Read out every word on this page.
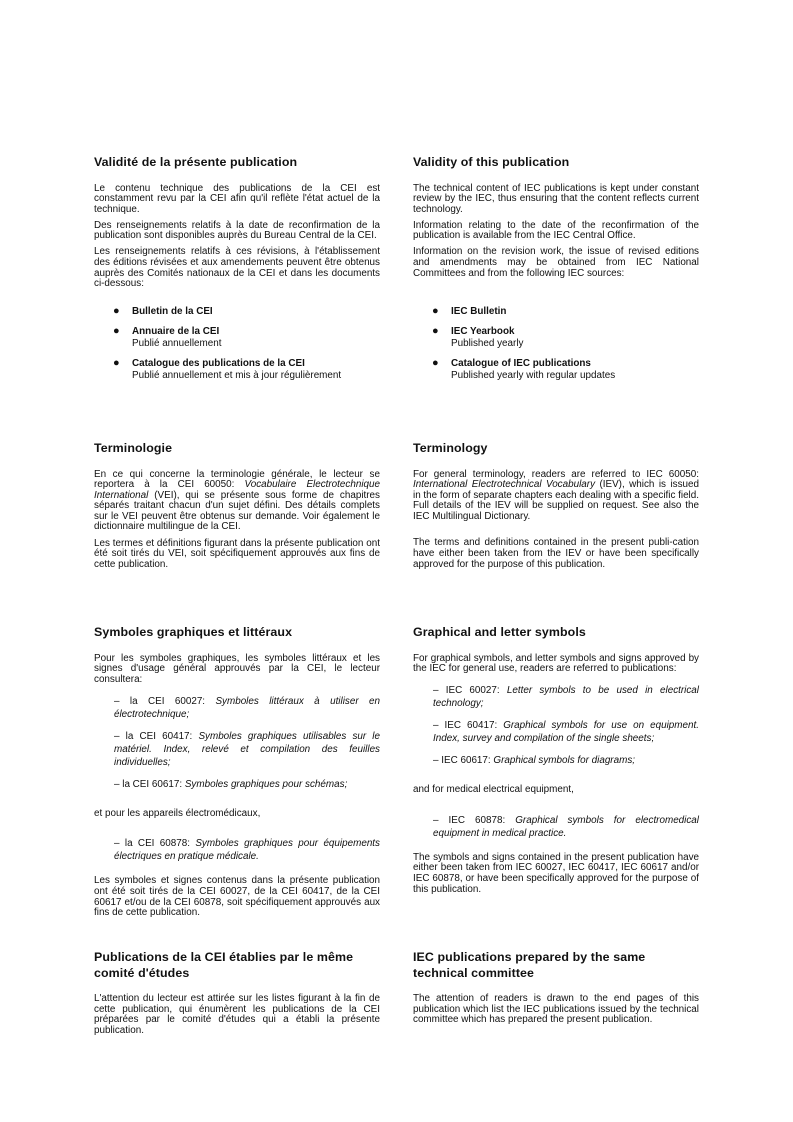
Validité de la présente publication

Le contenu technique des publications de la CEI est constamment revu par la CEI afin qu'il reflète l'état actuel de la technique.

Des renseignements relatifs à la date de reconfirmation de la publication sont disponibles auprès du Bureau Central de la CEI.

Les renseignements relatifs à ces révisions, à l'établissement des éditions révisées et aux amendements peuvent être obtenus auprès des Comités nationaux de la CEI et dans les documents ci-dessous:

● Bulletin de la CEI
● Annuaire de la CEI
Publié annuellement
● Catalogue des publications de la CEI
Publié annuellement et mis à jour régulièrement
Terminologie

En ce qui concerne la terminologie générale, le lecteur se reportera à la CEI 60050: Vocabulaire Electrotechnique International (VEI), qui se présente sous forme de chapitres séparés traitant chacun d'un sujet défini. Des détails complets sur le VEI peuvent être obtenus sur demande. Voir également le dictionnaire multilingue de la CEI.

Les termes et définitions figurant dans la présente publication ont été soit tirés du VEI, soit spécifiquement approuvés aux fins de cette publication.

Symboles graphiques et littéraux

Pour les symboles graphiques, les symboles littéraux et les signes d'usage général approuvés par la CEI, le lecteur consultera:

– la CEI 60027: Symboles littéraux à utiliser en électrotechnique;
– la CEI 60417: Symboles graphiques utilisables sur le matériel. Index, relevé et compilation des feuilles individuelles;
– la CEI 60617: Symboles graphiques pour schémas;

et pour les appareils électromédicaux,

– la CEI 60878: Symboles graphiques pour équipements électriques en pratique médicale.

Les symboles et signes contenus dans la présente publication ont été soit tirés de la CEI 60027, de la CEI 60417, de la CEI 60617 et/ou de la CEI 60878, soit spécifiquement approuvés aux fins de cette publication.

Publications de la CEI établies par le même comité d'études

L'attention du lecteur est attirée sur les listes figurant à la fin de cette publication, qui énumèrent les publications de la CEI préparées par le comité d'études qui a établi la présente publication.

Validity of this publication

The technical content of IEC publications is kept under constant review by the IEC, thus ensuring that the content reflects current technology.

Information relating to the date of the reconfirmation of the publication is available from the IEC Central Office.

Information on the revision work, the issue of revised editions and amendments may be obtained from IEC National Committees and from the following IEC sources:

● IEC Bulletin
● IEC Yearbook
Published yearly
● Catalogue of IEC publications
Published yearly with regular updates
Terminology

For general terminology, readers are referred to IEC 60050: International Electrotechnical Vocabulary (IEV), which is issued in the form of separate chapters each dealing with a specific field. Full details of the IEV will be supplied on request. See also the IEC Multilingual Dictionary.

The terms and definitions contained in the present publi-cation have either been taken from the IEV or have been specifically approved for the purpose of this publication.

Graphical and letter symbols

For graphical symbols, and letter symbols and signs approved by the IEC for general use, readers are referred to publications:

– IEC 60027: Letter symbols to be used in electrical technology;
– IEC 60417: Graphical symbols for use on equipment. Index, survey and compilation of the single sheets;
– IEC 60617: Graphical symbols for diagrams;

and for medical electrical equipment,

– IEC 60878: Graphical symbols for electromedical equipment in medical practice.

The symbols and signs contained in the present publication have either been taken from IEC 60027, IEC 60417, IEC 60617 and/or IEC 60878, or have been specifically approved for the purpose of this publication.

IEC publications prepared by the same technical committee

The attention of readers is drawn to the end pages of this publication which list the IEC publications issued by the technical committee which has prepared the present publication.
